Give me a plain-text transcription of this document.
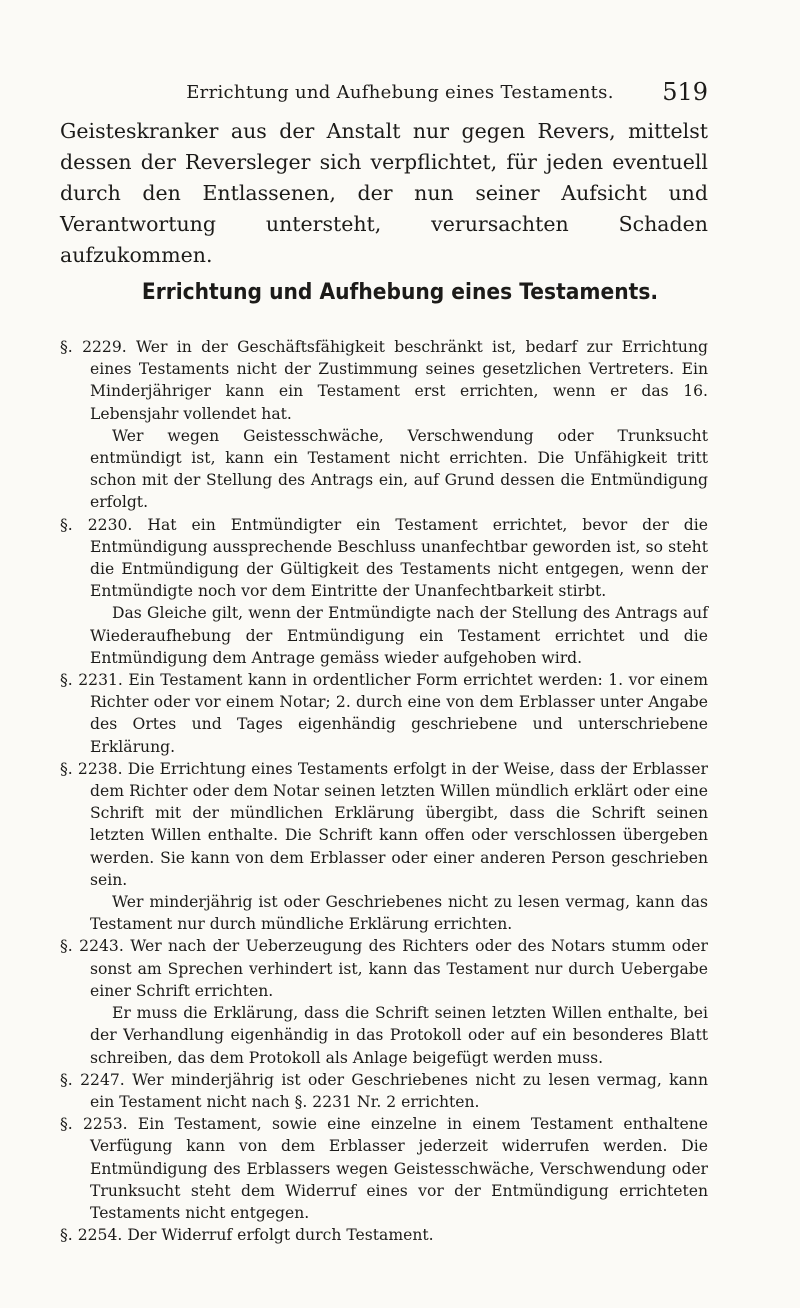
Errichtung und Aufhebung eines Testaments.	519
Geisteskranker aus der Anstalt nur gegen Revers, mittelst dessen der Reversleger sich verpflichtet, für jeden eventuell durch den Entlassenen, der nun seiner Aufsicht und Verantwortung untersteht, verursachten Schaden aufzukommen.
Errichtung und Aufhebung eines Testaments.

§. 2229. Wer in der Geschäftsfähigkeit beschränkt ist, bedarf zur Errichtung eines Testaments nicht der Zustimmung seines gesetzlichen Vertreters. Ein Minderjähriger kann ein Testament erst errichten, wenn er das 16. Lebensjahr vollendet hat.

Wer wegen Geistesschwäche, Verschwendung oder Trunksucht entmündigt ist, kann ein Testament nicht errichten. Die Unfähigkeit tritt schon mit der Stellung des Antrags ein, auf Grund dessen die Entmündigung erfolgt.

§. 2230. Hat ein Entmündigter ein Testament errichtet, bevor der die Entmündigung aussprechende Beschluss unanfechtbar geworden ist, so steht die Entmündigung der Gültigkeit des Testaments nicht entgegen, wenn der Entmündigte noch vor dem Eintritte der Unanfechtbarkeit stirbt.

Das Gleiche gilt, wenn der Entmündigte nach der Stellung des Antrags auf Wiederaufhebung der Entmündigung ein Testament errichtet und die Entmündigung dem Antrage gemäss wieder aufgehoben wird.

§. 2231. Ein Testament kann in ordentlicher Form errichtet werden: 1. vor einem Richter oder vor einem Notar; 2. durch eine von dem Erblasser unter Angabe des Ortes und Tages eigenhändig geschriebene und unterschriebene Erklärung.

§. 2238. Die Errichtung eines Testaments erfolgt in der Weise, dass der Erblasser dem Richter oder dem Notar seinen letzten Willen mündlich erklärt oder eine Schrift mit der mündlichen Erklärung übergibt, dass die Schrift seinen letzten Willen enthalte. Die Schrift kann offen oder verschlossen übergeben werden. Sie kann von dem Erblasser oder einer anderen Person geschrieben sein.

Wer minderjährig ist oder Geschriebenes nicht zu lesen vermag, kann das Testament nur durch mündliche Erklärung errichten.

§. 2243. Wer nach der Ueberzeugung des Richters oder des Notars stumm oder sonst am Sprechen verhindert ist, kann das Testament nur durch Uebergabe einer Schrift errichten.

Er muss die Erklärung, dass die Schrift seinen letzten Willen enthalte, bei der Verhandlung eigenhändig in das Protokoll oder auf ein besonderes Blatt schreiben, das dem Protokoll als Anlage beigefügt werden muss.

§. 2247. Wer minderjährig ist oder Geschriebenes nicht zu lesen vermag, kann ein Testament nicht nach §. 2231 Nr. 2 errichten.

§. 2253. Ein Testament, sowie eine einzelne in einem Testament enthaltene Verfügung kann von dem Erblasser jederzeit widerrufen werden. Die Entmündigung des Erblassers wegen Geistesschwäche, Verschwendung oder Trunksucht steht dem Widerruf eines vor der Entmündigung errichteten Testaments nicht entgegen.

§. 2254. Der Widerruf erfolgt durch Testament.
